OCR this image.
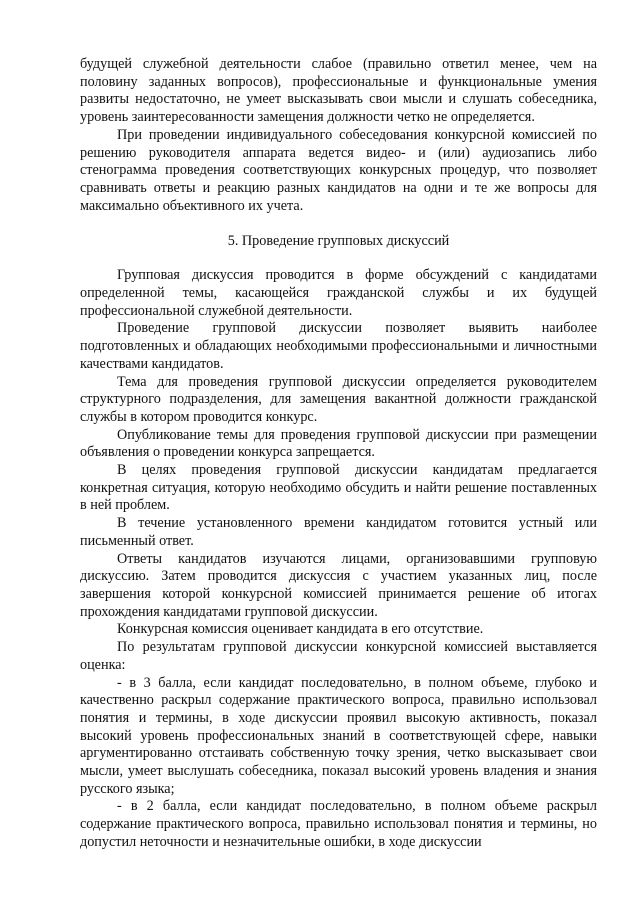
будущей служебной деятельности слабое (правильно ответил менее, чем на половину заданных вопросов), профессиональные и функциональные умения развиты недостаточно, не умеет высказывать свои мысли и слушать собеседника, уровень заинтересованности замещения должности четко не определяется.

При проведении индивидуального собеседования конкурсной комиссией по решению руководителя аппарата ведется видео- и (или) аудиозапись либо стенограмма проведения соответствующих конкурсных процедур, что позволяет сравнивать ответы и реакцию разных кандидатов на одни и те же вопросы для максимально объективного их учета.

5. Проведение групповых дискуссий

Групповая дискуссия проводится в форме обсуждений с кандидатами определенной темы, касающейся гражданской службы и их будущей профессиональной служебной деятельности.

Проведение групповой дискуссии позволяет выявить наиболее подготовленных и обладающих необходимыми профессиональными и личностными качествами кандидатов.

Тема для проведения групповой дискуссии определяется руководителем структурного подразделения, для замещения вакантной должности гражданской службы в котором проводится конкурс.

Опубликование темы для проведения групповой дискуссии при размещении объявления о проведении конкурса запрещается.

В целях проведения групповой дискуссии кандидатам предлагается конкретная ситуация, которую необходимо обсудить и найти решение поставленных в ней проблем.

В течение установленного времени кандидатом готовится устный или письменный ответ.

Ответы кандидатов изучаются лицами, организовавшими групповую дискуссию. Затем проводится дискуссия с участием указанных лиц, после завершения которой конкурсной комиссией принимается решение об итогах прохождения кандидатами групповой дискуссии.

Конкурсная комиссия оценивает кандидата в его отсутствие.

По результатам групповой дискуссии конкурсной комиссией выставляется оценка:

- в 3 балла, если кандидат последовательно, в полном объеме, глубоко и качественно раскрыл содержание практического вопроса, правильно использовал понятия и термины, в ходе дискуссии проявил высокую активность, показал высокий уровень профессиональных знаний в соответствующей сфере, навыки аргументированно отстаивать собственную точку зрения, четко высказывает свои мысли, умеет выслушать собеседника, показал высокий уровень владения и знания русского языка;

- в 2 балла, если кандидат последовательно, в полном объеме раскрыл содержание практического вопроса, правильно использовал понятия и термины, но допустил неточности и незначительные ошибки, в ходе дискуссии
